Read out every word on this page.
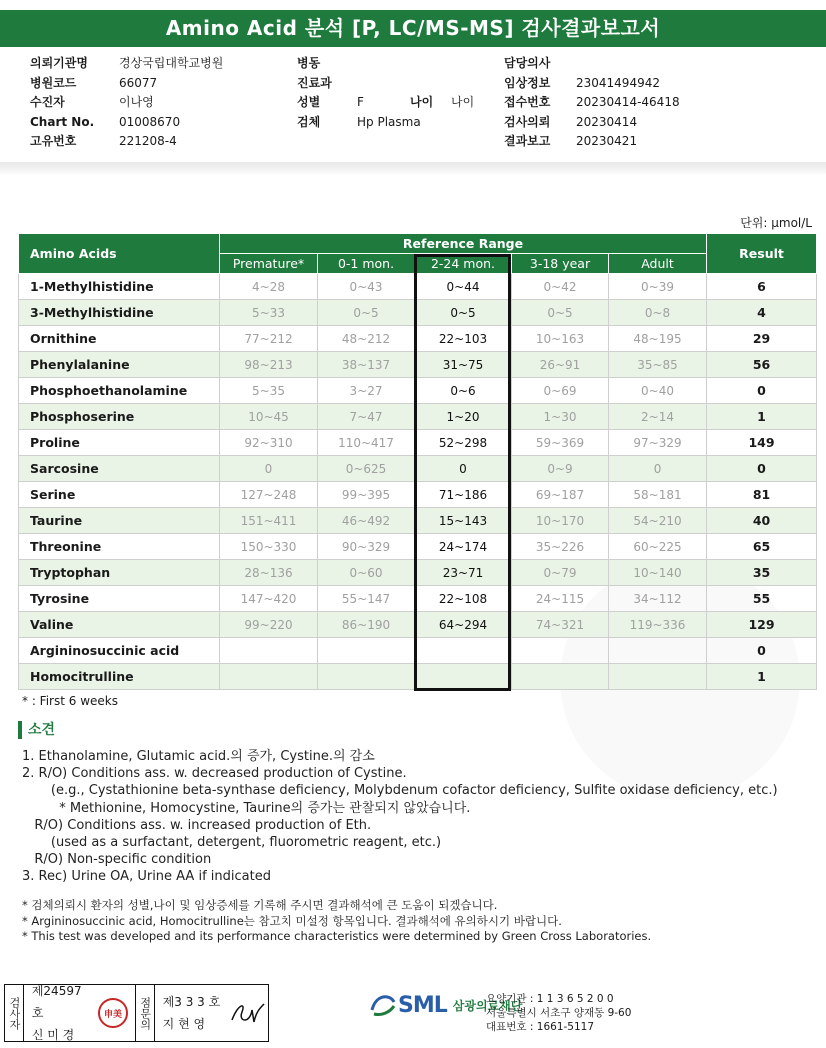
Amino Acid 분석 [P, LC/MS-MS] 검사결과보고서
의뢰기관명	경상국립대학교병원
병원코드	66077
수진자	이나영
Chart No.	01008670
고유번호	221208-4
병동
진료과
성별	F	나이	나이
검체	Hp Plasma
담당의사
임상정보	23041494942
접수번호	20230414-46418
검사의뢰	20230414
결과보고	20230421
단위: μmol/L
Amino Acids	Reference Range					Result
	Premature*	0-1 mon.	2-24 mon.	3-18 year	Adult	
1-Methylhistidine	4~28	0~43	0~44	0~42	0~39	6
3-Methylhistidine	5~33	0~5	0~5	0~5	0~8	4
Ornithine	77~212	48~212	22~103	10~163	48~195	29
Phenylalanine	98~213	38~137	31~75	26~91	35~85	56
Phosphoethanolamine	5~35	3~27	0~6	0~69	0~40	0
Phosphoserine	10~45	7~47	1~20	1~30	2~14	1
Proline	92~310	110~417	52~298	59~369	97~329	149
Sarcosine	0	0~625	0	0~9	0	0
Serine	127~248	99~395	71~186	69~187	58~181	81
Taurine	151~411	46~492	15~143	10~170	54~210	40
Threonine	150~330	90~329	24~174	35~226	60~225	65
Tryptophan	28~136	0~60	23~71	0~79	10~140	35
Tyrosine	147~420	55~147	22~108	24~115	34~112	55
Valine	99~220	86~190	64~294	74~321	119~336	129
Argininosuccinic acid						0
Homocitrulline						1
* : First 6 weeks
소견
1. Ethanolamine, Glutamic acid.의 증가, Cystine.의 감소
2. R/O) Conditions ass. w. decreased production of Cystine.
(e.g., Cystathionine beta-synthase deficiency, Molybdenum cofactor deficiency, Sulfite oxidase deficiency, etc.)
* Methionine, Homocystine, Taurine의 증가는 관찰되지 않았습니다.
R/O) Conditions ass. w. increased production of Eth.
(used as a surfactant, detergent, fluorometric reagent, etc.)
R/O) Non-specific condition
3. Rec) Urine OA, Urine AA if indicated
* 검체의뢰시 환자의 성별,나이 및 임상증세를 기록해 주시면 결과해석에 큰 도움이 되겠습니다.
* Argininosuccinic acid, Homocitrulline는 참고치 미설정 항목입니다. 결과해석에 유의하시기 바랍니다.
* This test was developed and its performance characteristics were determined by Green Cross Laboratories.
검사자
제24597호
신 미 경
申美	점문의 제3 3 3 호
지 현 영
SML 삼광의료재단
요양기관 : 1 1 3 6 5 2 0 0
서울특별시 서초구 양재동 9-60
대표번호 : 1661-5117
